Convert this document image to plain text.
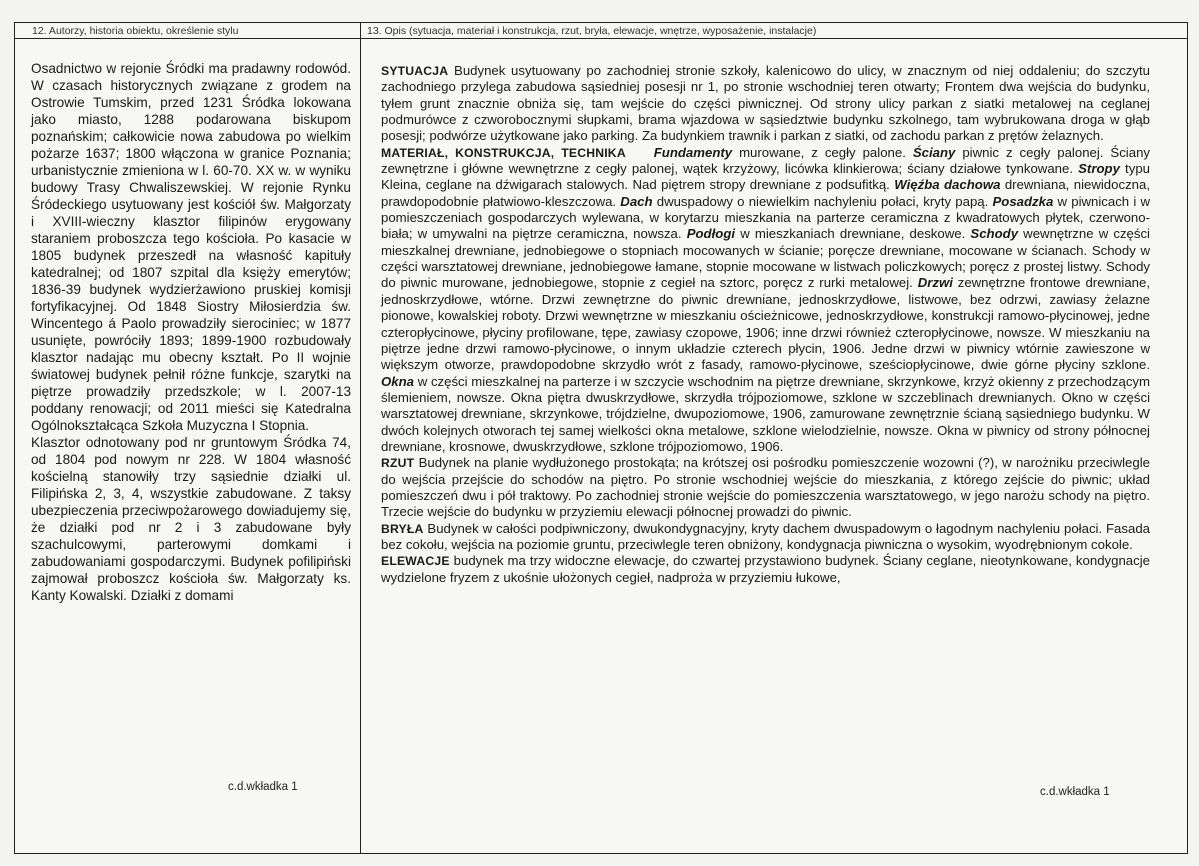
12. Autorzy, historia obiektu, określenie stylu	13. Opis (sytuacja, materiał i konstrukcja, rzut, bryła, elewacje, wnętrze, wyposażenie, instalacje)

Osadnictwo w rejonie Śródki ma pradawny rodowód. W czasach historycznych związane z grodem na Ostrowie Tumskim, przed 1231 Śródka lokowana jako miasto, 1288 podarowana biskupom poznańskim; całkowicie nowa zabudowa po wielkim pożarze 1637; 1800 włączona w granice Poznania; urbanistycznie zmieniona w l. 60-70. XX w. w wyniku budowy Trasy Chwaliszewskiej. W rejonie Rynku Śródeckiego usytuowany jest kościół św. Małgorzaty i XVIII-wieczny klasztor filipinów erygowany staraniem proboszcza tego kościoła. Po kasacie w 1805 budynek przeszedł na własność kapituły katedralnej; od 1807 szpital dla księży emerytów; 1836-39 budynek wydzierżawiono pruskiej komisji fortyfikacyjnej. Od 1848 Siostry Miłosierdzia św. Wincentego á Paolo prowadziły sierociniec; w 1877 usunięte, powróciły 1893; 1899-1900 rozbudowały klasztor nadając mu obecny kształt. Po II wojnie światowej budynek pełnił różne funkcje, szarytki na piętrze prowadziły przedszkole; w l. 2007-13 poddany renowacji; od 2011 mieści się Katedralna Ogólnokształcąca Szkoła Muzyczna I Stopnia.

Klasztor odnotowany pod nr gruntowym Śródka 74, od 1804 pod nowym nr 228. W 1804 własność kościelną stanowiły trzy sąsiednie działki ul. Filipińska 2, 3, 4, wszystkie zabudowane. Z taksy ubezpieczenia przeciwpożarowego dowiadujemy się, że działki pod nr 2 i 3 zabudowane były szachulcowymi, parterowymi domkami i zabudowaniami gospodarczymi. Budynek pofilipiński zajmował proboszcz kościoła św. Małgorzaty ks. Kanty Kowalski. Działki z domami

c.d.wkładka 1

SYTUACJA Budynek usytuowany po zachodniej stronie szkoły, kalenicowo do ulicy, w znacznym od niej oddaleniu; do szczytu zachodniego przylega zabudowa sąsiedniej posesji nr 1, po stronie wschodniej teren otwarty; Frontem dwa wejścia do budynku, tyłem grunt znacznie obniża się, tam wejście do części piwnicznej. Od strony ulicy parkan z siatki metalowej na ceglanej podmurówce z czworobocznymi słupkami, brama wjazdowa w sąsiedztwie budynku szkolnego, tam wybrukowana droga w głąb posesji; podwórze użytkowane jako parking. Za budynkiem trawnik i parkan z siatki, od zachodu parkan z prętów żelaznych.

MATERIAŁ, KONSTRUKCJA, TECHNIKA Fundamenty murowane, z cegły palone. Ściany piwnic z cegły palonej. Ściany zewnętrzne i główne wewnętrzne z cegły palonej, wątek krzyżowy, licówka klinkierowa; ściany działowe tynkowane. Stropy typu Kleina, ceglane na dźwigarach stalowych. Nad piętrem stropy drewniane z podsufitką. Więźba dachowa drewniana, niewidoczna, prawdopodobnie płatwiowo-kleszczowa. Dach dwuspadowy o niewielkim nachyleniu połaci, kryty papą. Posadzka w piwnicach i w pomieszczeniach gospodarczych wylewana, w korytarzu mieszkania na parterze ceramiczna z kwadratowych płytek, czerwono-biała; w umywalni na piętrze ceramiczna, nowsza. Podłogi w mieszkaniach drewniane, deskowe. Schody wewnętrzne w części mieszkalnej drewniane, jednobiegowe o stopniach mocowanych w ścianie; poręcze drewniane, mocowane w ścianach. Schody w części warsztatowej drewniane, jednobiegowe łamane, stopnie mocowane w listwach policzkowych; poręcz z prostej listwy. Schody do piwnic murowane, jednobiegowe, stopnie z cegieł na sztorc, poręcz z rurki metalowej. Drzwi zewnętrzne frontowe drewniane, jednoskrzydłowe, wtórne. Drzwi zewnętrzne do piwnic drewniane, jednoskrzydłowe, listwowe, bez odrzwi, zawiasy żelazne pionowe, kowalskiej roboty. Drzwi wewnętrzne w mieszkaniu ościeżnicowe, jednoskrzydłowe, konstrukcji ramowo-płycinowej, jedne czteropłycinowe, płyciny profilowane, tępe, zawiasy czopowe, 1906; inne drzwi również czteropłycinowe, nowsze. W mieszkaniu na piętrze jedne drzwi ramowo-płycinowe, o innym układzie czterech płycin, 1906. Jedne drzwi w piwnicy wtórnie zawieszone w większym otworze, prawdopodobne skrzydło wrót z fasady, ramowo-płycinowe, sześciopłycinowe, dwie górne płyciny szklone. Okna w części mieszkalnej na parterze i w szczycie wschodnim na piętrze drewniane, skrzynkowe, krzyż okienny z przechodzącym ślemieniem, nowsze. Okna piętra dwuskrzydłowe, skrzydła trójpoziomowe, szklone w szczeblinach drewnianych. Okno w części warsztatowej drewniane, skrzynkowe, trójdzielne, dwupoziomowe, 1906, zamurowane zewnętrznie ścianą sąsiedniego budynku. W dwóch kolejnych otworach tej samej wielkości okna metalowe, szklone wielodzielnie, nowsze. Okna w piwnicy od strony północnej drewniane, krosnowe, dwuskrzydłowe, szklone trójpoziomowo, 1906.

RZUT Budynek na planie wydłużonego prostokąta; na krótszej osi pośrodku pomieszczenie wozowni (?), w narożniku przeciwlegle do wejścia przejście do schodów na piętro. Po stronie wschodniej wejście do mieszkania, z którego zejście do piwnic; układ pomieszczeń dwu i pół traktowy. Po zachodniej stronie wejście do pomieszczenia warsztatowego, w jego narożu schody na piętro. Trzecie wejście do budynku w przyziemiu elewacji północnej prowadzi do piwnic.

BRYŁA Budynek w całości podpiwniczony, dwukondygnacyjny, kryty dachem dwuspadowym o łagodnym nachyleniu połaci. Fasada bez cokołu, wejścia na poziomie gruntu, przeciwlegle teren obniżony, kondygnacja piwniczna o wysokim, wyodrębnionym cokole.

ELEWACJE budynek ma trzy widoczne elewacje, do czwartej przystawiono budynek. Ściany ceglane, nieotynkowane, kondygnacje wydzielone fryzem z ukośnie ułożonych cegieł, nadproża w przyziemiu łukowe,

c.d.wkładka 1
